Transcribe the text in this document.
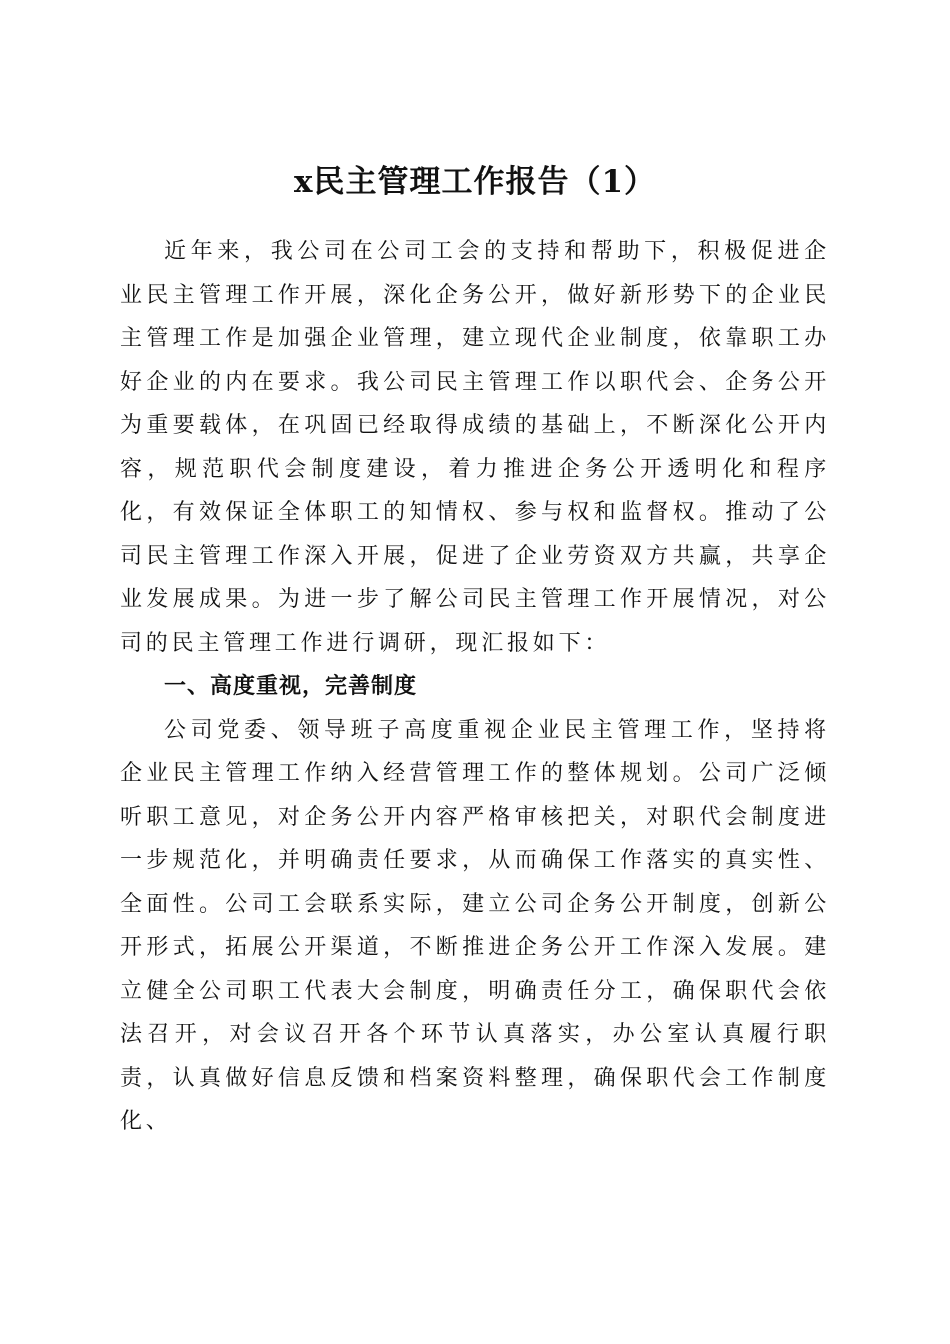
x民主管理工作报告（1）

近年来，我公司在公司工会的支持和帮助下，积极促进企业民主管理工作开展，深化企务公开，做好新形势下的企业民主管理工作是加强企业管理，建立现代企业制度，依靠职工办好企业的内在要求。我公司民主管理工作以职代会、企务公开为重要载体，在巩固已经取得成绩的基础上，不断深化公开内容，规范职代会制度建设，着力推进企务公开透明化和程序化，有效保证全体职工的知情权、参与权和监督权。推动了公司民主管理工作深入开展，促进了企业劳资双方共赢，共享企业发展成果。为进一步了解公司民主管理工作开展情况，对公司的民主管理工作进行调研，现汇报如下：

一、高度重视，完善制度

公司党委、领导班子高度重视企业民主管理工作，坚持将企业民主管理工作纳入经营管理工作的整体规划。公司广泛倾听职工意见，对企务公开内容严格审核把关，对职代会制度进一步规范化，并明确责任要求，从而确保工作落实的真实性、全面性。公司工会联系实际，建立公司企务公开制度，创新公开形式，拓展公开渠道，不断推进企务公开工作深入发展。建立健全公司职工代表大会制度，明确责任分工，确保职代会依法召开，对会议召开各个环节认真落实，办公室认真履行职责，认真做好信息反馈和档案资料整理，确保职代会工作制度化、
